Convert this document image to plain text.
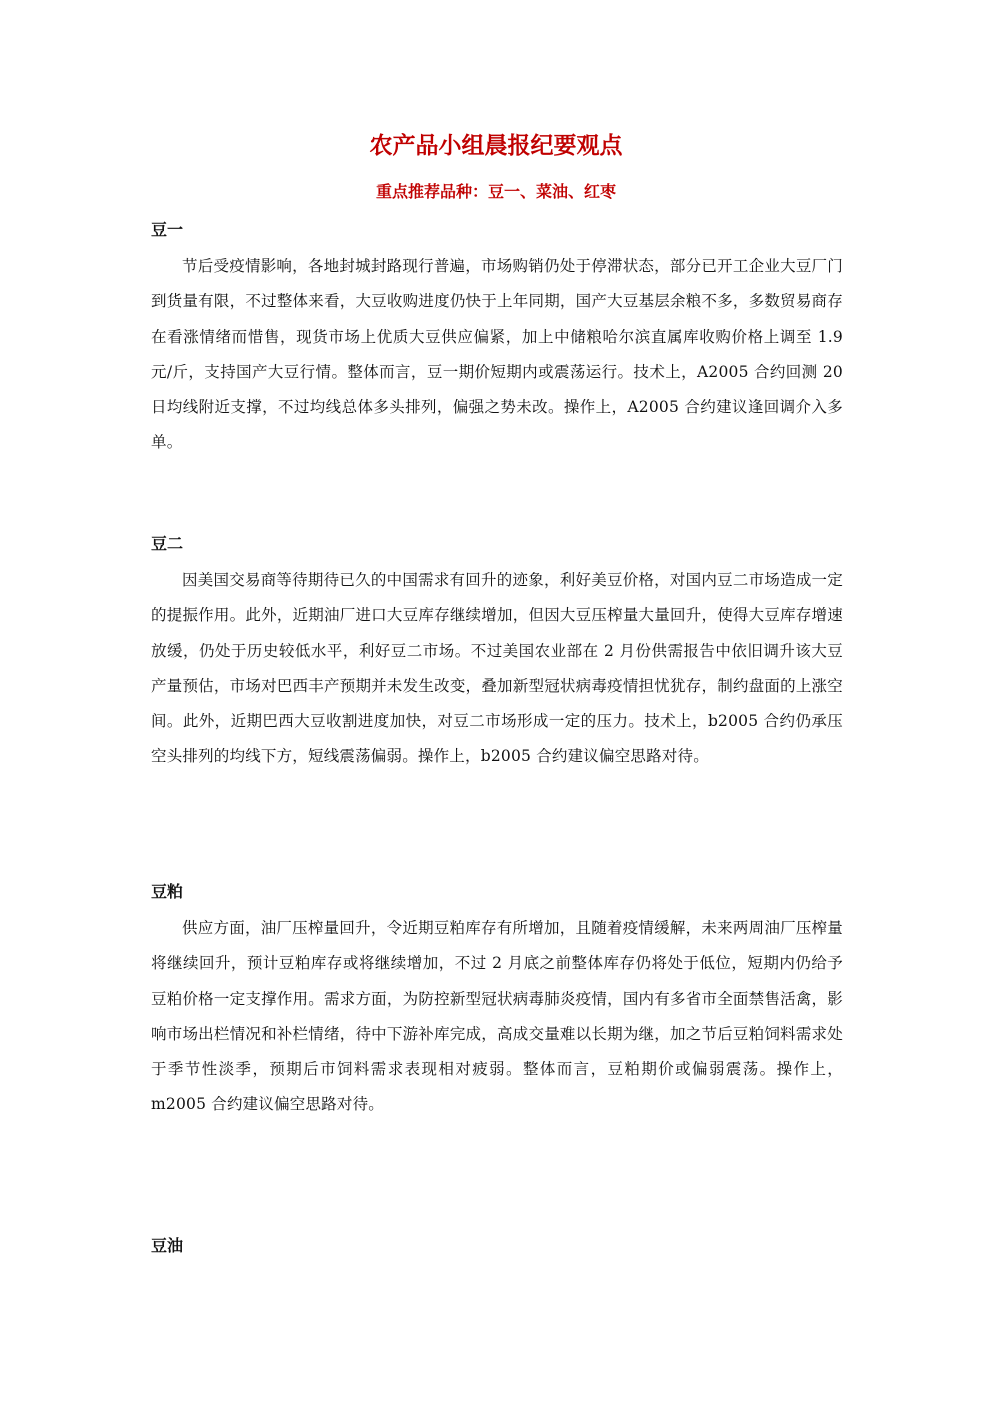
农产品小组晨报纪要观点
重点推荐品种：豆一、菜油、红枣
豆一

节后受疫情影响，各地封城封路现行普遍，市场购销仍处于停滞状态，部分已开工企业大豆厂门到货量有限，不过整体来看，大豆收购进度仍快于上年同期，国产大豆基层余粮不多，多数贸易商存在看涨情绪而惜售，现货市场上优质大豆供应偏紧，加上中储粮哈尔滨直属库收购价格上调至 1.9 元/斤，支持国产大豆行情。整体而言，豆一期价短期内或震荡运行。技术上，A2005 合约回测 20 日均线附近支撑，不过均线总体多头排列，偏强之势未改。操作上，A2005 合约建议逢回调介入多单。

豆二

因美国交易商等待期待已久的中国需求有回升的迹象，利好美豆价格，对国内豆二市场造成一定的提振作用。此外，近期油厂进口大豆库存继续增加，但因大豆压榨量大量回升，使得大豆库存增速放缓，仍处于历史较低水平，利好豆二市场。不过美国农业部在 2 月份供需报告中依旧调升该大豆产量预估，市场对巴西丰产预期并未发生改变，叠加新型冠状病毒疫情担忧犹存，制约盘面的上涨空间。此外，近期巴西大豆收割进度加快，对豆二市场形成一定的压力。技术上，b2005 合约仍承压空头排列的均线下方，短线震荡偏弱。操作上，b2005 合约建议偏空思路对待。

豆粕

供应方面，油厂压榨量回升，令近期豆粕库存有所增加，且随着疫情缓解，未来两周油厂压榨量将继续回升，预计豆粕库存或将继续增加，不过 2 月底之前整体库存仍将处于低位，短期内仍给予豆粕价格一定支撑作用。需求方面，为防控新型冠状病毒肺炎疫情，国内有多省市全面禁售活禽，影响市场出栏情况和补栏情绪，待中下游补库完成，高成交量难以长期为继，加之节后豆粕饲料需求处于季节性淡季，预期后市饲料需求表现相对疲弱。整体而言，豆粕期价或偏弱震荡。操作上，m2005 合约建议偏空思路对待。

豆油
